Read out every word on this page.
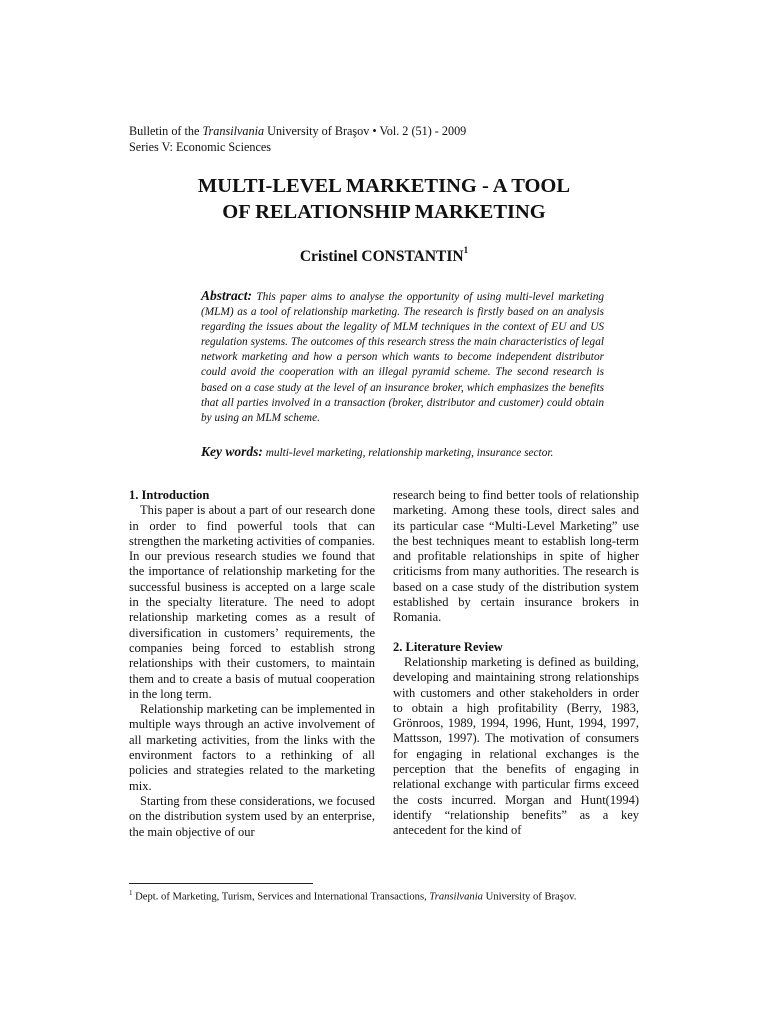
Bulletin of the Transilvania University of Braşov • Vol. 2 (51) - 2009
Series V: Economic Sciences
MULTI-LEVEL MARKETING - A TOOL
OF RELATIONSHIP MARKETING
Cristinel CONSTANTIN$^1$
Abstract: This paper aims to analyse the opportunity of using multi-level marketing (MLM) as a tool of relationship marketing. The research is firstly based on an analysis regarding the issues about the legality of MLM techniques in the context of EU and US regulation systems. The outcomes of this research stress the main characteristics of legal network marketing and how a person which wants to become independent distributor could avoid the cooperation with an illegal pyramid scheme. The second research is based on a case study at the level of an insurance broker, which emphasizes the benefits that all parties involved in a transaction (broker, distributor and customer) could obtain by using an MLM scheme.
Key words: multi-level marketing, relationship marketing, insurance sector.
1. Introduction

This paper is about a part of our research done in order to find powerful tools that can strengthen the marketing activities of companies. In our previous research studies we found that the importance of relationship marketing for the successful business is accepted on a large scale in the specialty literature. The need to adopt relationship marketing comes as a result of diversification in customers’ requirements, the companies being forced to establish strong relationships with their customers, to maintain them and to create a basis of mutual cooperation in the long term.

Relationship marketing can be implemented in multiple ways through an active involvement of all marketing activities, from the links with the environment factors to a rethinking of all policies and strategies related to the marketing mix.

Starting from these considerations, we focused on the distribution system used by an enterprise, the main objective of our

research being to find better tools of relationship marketing. Among these tools, direct sales and its particular case “Multi-Level Marketing” use the best techniques meant to establish long-term and profitable relationships in spite of higher criticisms from many authorities. The research is based on a case study of the distribution system established by certain insurance brokers in Romania.

2. Literature Review

Relationship marketing is defined as building, developing and maintaining strong relationships with customers and other stakeholders in order to obtain a high profitability (Berry, 1983, Grönroos, 1989, 1994, 1996, Hunt, 1994, 1997, Mattsson, 1997). The motivation of consumers for engaging in relational exchanges is the perception that the benefits of engaging in relational exchange with particular firms exceed the costs incurred. Morgan and Hunt(1994) identify “relationship benefits” as a key antecedent for the kind of

$^1$ Dept. of Marketing, Turism, Services and International Transactions, Transilvania University of Braşov.
